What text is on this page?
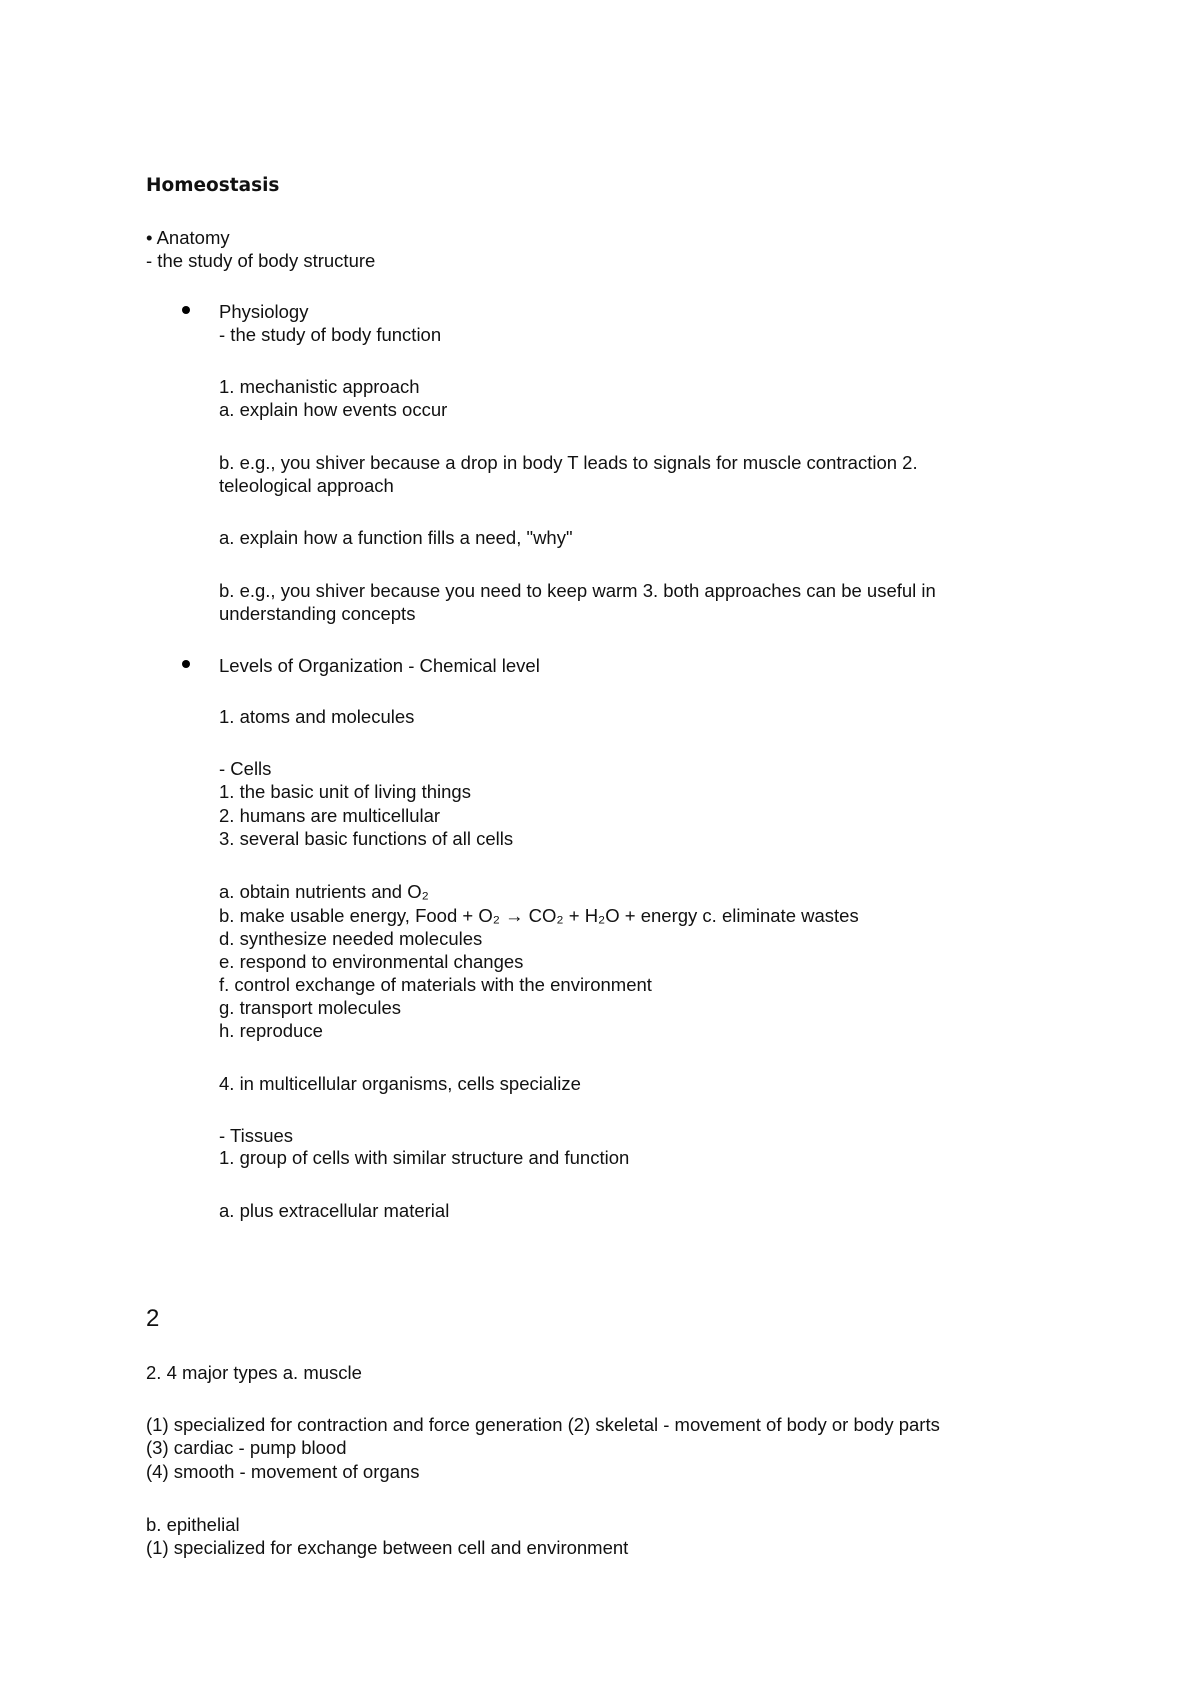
Homeostasis
• Anatomy
- the study of body structure
Physiology
- the study of body function
1. mechanistic approach
a. explain how events occur
b. e.g., you shiver because a drop in body T leads to signals for muscle contraction 2.
teleological approach
a. explain how a function fills a need, "why"
b. e.g., you shiver because you need to keep warm 3. both approaches can be useful in
understanding concepts
Levels of Organization - Chemical level
1. atoms and molecules
- Cells
1. the basic unit of living things
2. humans are multicellular
3. several basic functions of all cells
a. obtain nutrients and O₂
b. make usable energy, Food + O₂ → CO₂ + H₂O + energy c. eliminate wastes
d. synthesize needed molecules
e. respond to environmental changes
f. control exchange of materials with the environment
g. transport molecules
h. reproduce
4. in multicellular organisms, cells specialize
- Tissues
1. group of cells with similar structure and function
a. plus extracellular material
2
2. 4 major types a. muscle
(1) specialized for contraction and force generation (2) skeletal - movement of body or body parts
(3) cardiac - pump blood
(4) smooth - movement of organs
b. epithelial
(1) specialized for exchange between cell and environment
